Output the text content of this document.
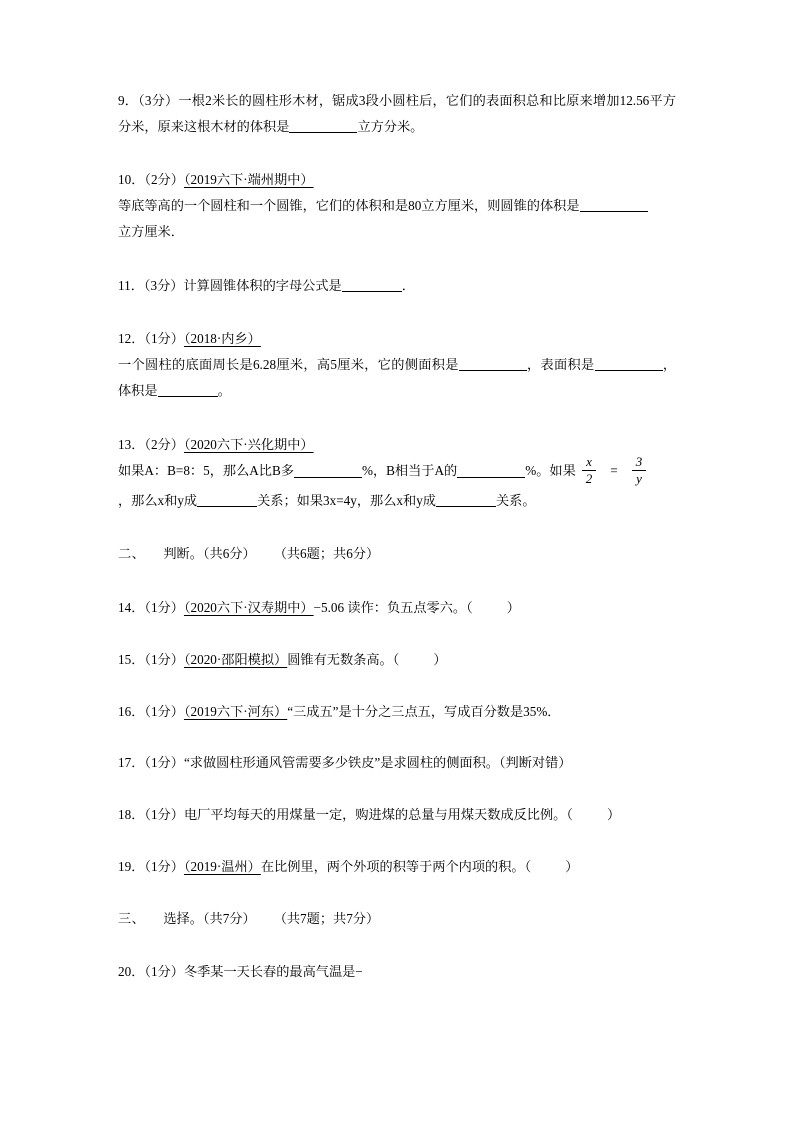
9．（3分）一根2米长的圆柱形木材，锯成3段小圆柱后，它们的表面积总和比原来增加12.56平方分米，原来这根木材的体积是	立方分米。

10．（2分）（2019六下·端州期中）
等底等高的一个圆柱和一个圆锥，它们的体积和是80立方厘米，则圆锥的体积是
立方厘米．

11．（3分）计算圆锥体积的字母公式是	．

12．（1分）（2018·内乡）
一个圆柱的底面周长是6.28厘米，高5厘米，它的侧面积是	，表面积是	，体积是	。

13．（2分）（2020六下·兴化期中）
如果A：B=8：5，那么A比B多	%，B相当于A的	%。如果 $\frac{x}{2} = \frac{3}{y}$

，那么x和y成	关系；如果3x=4y，那么x和y成	关系。

二、 判断。（共6分） （共6题；共6分）

14．（1分）（2020六下·汉寿期中）−5.06 读作：负五点零六。（	）

15．（1分）（2020·邵阳模拟）圆锥有无数条高。（	）

16．（1分）（2019六下·河东）“三成五”是十分之三点五，写成百分数是35%．

17．（1分）“求做圆柱形通风管需要多少铁皮”是求圆柱的侧面积。（判断对错）

18．（1分）电厂平均每天的用煤量一定，购进煤的总量与用煤天数成反比例。（	）

19．（1分）（2019·温州）在比例里，两个外项的积等于两个内项的积。（	）

三、 选择。（共7分） （共7题；共7分）

20．（1分）冬季某一天长春的最高气温是−
